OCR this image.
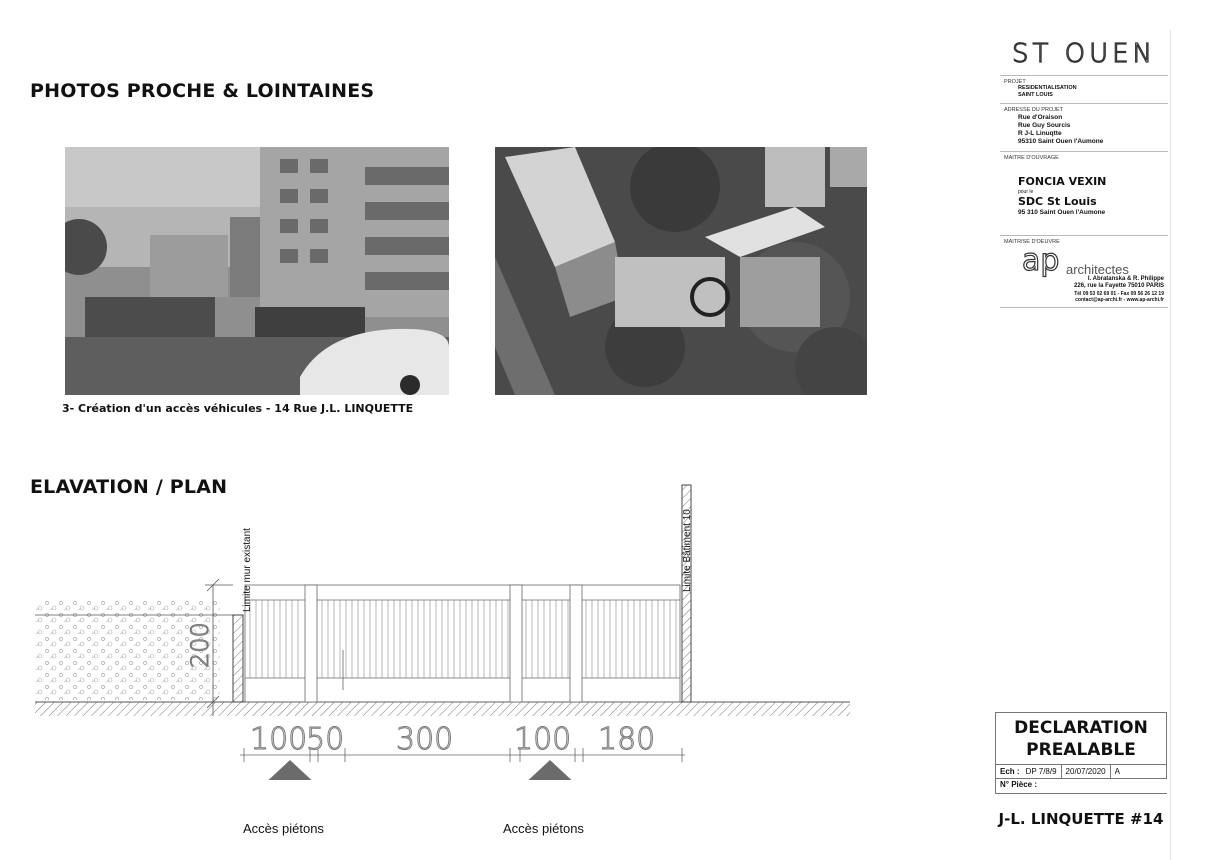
PHOTOS PROCHE & LOINTAINES
3- Création d'un accès véhicules - 14 Rue J.L. LINQUETTE
ELAVATION / PLAN
Limite mur existant	Limite Bâtiment 10
200
100
50 300 100 180
Accès piétons	Accès piétons
ST OUEN
PROJET
RESIDENTIALISATION
SAINT LOUIS
ADRESSE DU PROJET
Rue d'Oraison
Rue Guy Sourcis
R J-L Linuqtte
95310 Saint Ouen l'Aumone
MAITRE D'OUVRAGE
FONCIA VEXIN
pour le
SDC St Louis
95 310 Saint Ouen l'Aumone
MAITRISE D'OEUVRE
ap architectes
I. Abratanska & R. Philippe
226, rue la Fayette 75010 PARIS
Tél 09 53 02 69 01 - Fax 09 56 26 12 19
contact@ap-archi.fr - www.ap-archi.fr
DECLARATION
PREALABLE
Ech : DP 7/8/9	20/07/2020	A
N° Pièce :
J-L. LINQUETTE #14
